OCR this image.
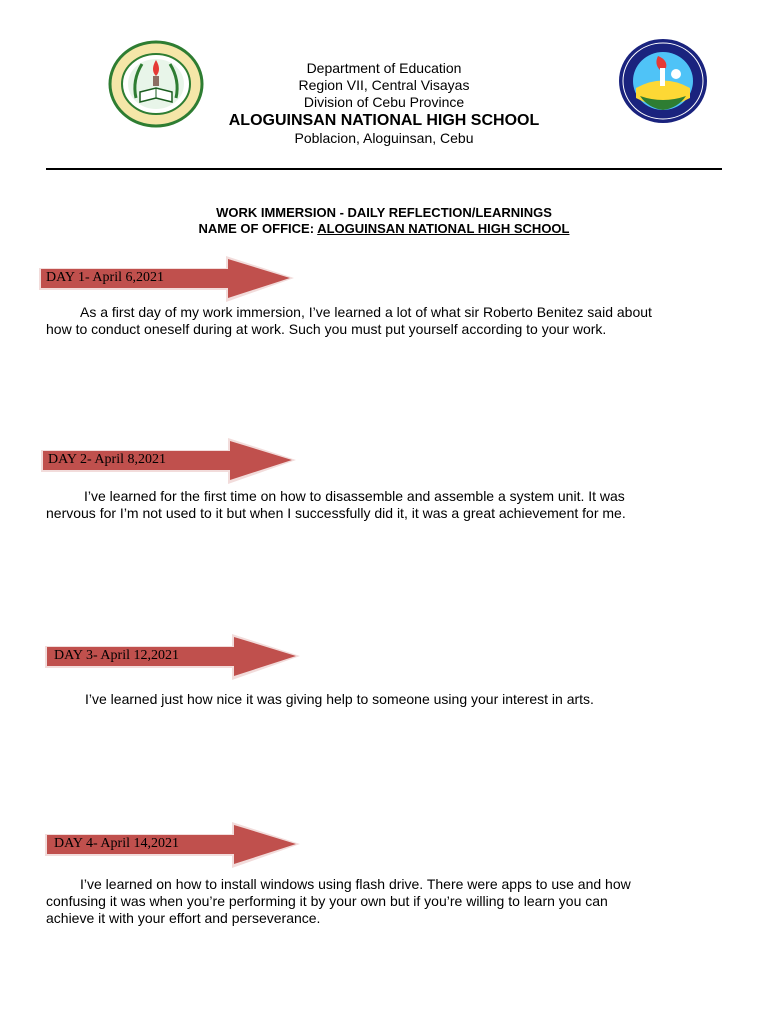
Department of Education
Region VII, Central Visayas
Division of Cebu Province
ALOGUINSAN NATIONAL HIGH SCHOOL
Poblacion, Aloguinsan, Cebu
WORK IMMERSION - DAILY REFLECTION/LEARNINGS
NAME OF OFFICE: ALOGUINSAN NATIONAL HIGH SCHOOL
DAY 1- April 6,2021
As a first day of my work immersion, I’ve learned a lot of what sir Roberto Benitez said about
how to conduct oneself during at work. Such you must put yourself according to your work.
DAY 2- April 8,2021
I’ve learned for the first time on how to disassemble and assemble a system unit. It was
nervous for I’m not used to it but when I successfully did it, it was a great achievement for me.
DAY 3- April 12,2021
I’ve learned just how nice it was giving help to someone using your interest in arts.
DAY 4- April 14,2021
I’ve learned on how to install windows using flash drive. There were apps to use and how
confusing it was when you’re performing it by your own but if you’re willing to learn you can
achieve it with your effort and perseverance.
